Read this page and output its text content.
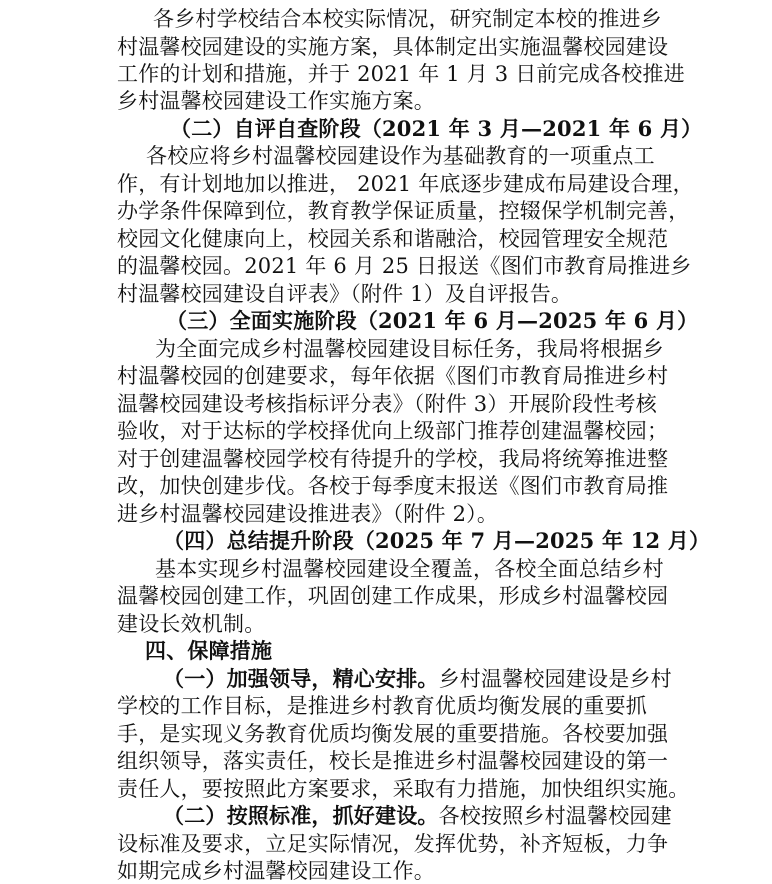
各乡村学校结合本校实际情况，研究制定本校的推进乡
村温馨校园建设的实施方案，具体制定出实施温馨校园建设
工作的计划和措施，并于 2021 年 1 月 3 日前完成各校推进
乡村温馨校园建设工作实施方案。
（二）自评自查阶段（2021 年 3 月—2021 年 6 月）
各校应将乡村温馨校园建设作为基础教育的一项重点工
作，有计划地加以推进， 2021 年底逐步建成布局建设合理，
办学条件保障到位，教育教学保证质量，控辍保学机制完善，
校园文化健康向上，校园关系和谐融洽，校园管理安全规范
的温馨校园。2021 年 6 月 25 日报送《图们市教育局推进乡
村温馨校园建设自评表》（附件 1）及自评报告。
（三）全面实施阶段（2021 年 6 月—2025 年 6 月）
为全面完成乡村温馨校园建设目标任务，我局将根据乡
村温馨校园的创建要求，每年依据《图们市教育局推进乡村
温馨校园建设考核指标评分表》（附件 3）开展阶段性考核
验收，对于达标的学校择优向上级部门推荐创建温馨校园；
对于创建温馨校园学校有待提升的学校，我局将统筹推进整
改，加快创建步伐。各校于每季度末报送《图们市教育局推
进乡村温馨校园建设推进表》（附件 2）。
（四）总结提升阶段（2025 年 7 月—2025 年 12 月）
基本实现乡村温馨校园建设全覆盖，各校全面总结乡村
温馨校园创建工作，巩固创建工作成果，形成乡村温馨校园
建设长效机制。
四、保障措施
（一）加强领导，精心安排。乡村温馨校园建设是乡村
学校的工作目标，是推进乡村教育优质均衡发展的重要抓
手，是实现义务教育优质均衡发展的重要措施。各校要加强
组织领导，落实责任，校长是推进乡村温馨校园建设的第一
责任人，要按照此方案要求，采取有力措施，加快组织实施。
（二）按照标准，抓好建设。各校按照乡村温馨校园建
设标准及要求，立足实际情况，发挥优势，补齐短板，力争
如期完成乡村温馨校园建设工作。
